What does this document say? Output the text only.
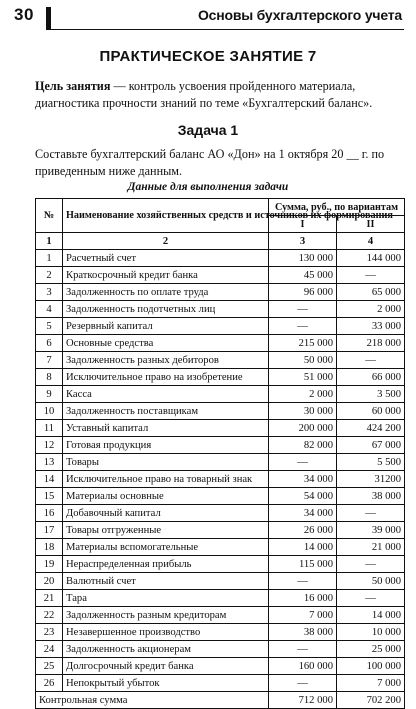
30	Основы бухгалтерского учета
ПРАКТИЧЕСКОЕ ЗАНЯТИЕ 7
Цель занятия — контроль усвоения пройденного материала, диагностика прочности знаний по теме «Бухгалтерский баланс».
Задача 1
Составьте бухгалтерский баланс АО «Дон» на 1 октября 20 __ г. по приведенным ниже данным.
Данные для выполнения задачи
№	Наименование хозяйственных средств и источников их формирования	Сумма, руб., по вариантам	
		I	II
1	2	3	4
1	Расчетный счет	130 000	144 000
2	Краткосрочный кредит банка	45 000	—
3	Задолженность по оплате труда	96 000	65 000
4	Задолженность подотчетных лиц	—	2 000
5	Резервный капитал	—	33 000
6	Основные средства	215 000	218 000
7	Задолженность разных дебиторов	50 000	—
8	Исключительное право на изобретение	51 000	66 000
9	Касса	2 000	3 500
10	Задолженность поставщикам	30 000	60 000
11	Уставный капитал	200 000	424 200
12	Готовая продукция	82 000	67 000
13	Товары	—	5 500
14	Исключительное право на товарный знак	34 000	31200
15	Материалы основные	54 000	38 000
16	Добавочный капитал	34 000	—
17	Товары отгруженные	26 000	39 000
18	Материалы вспомогательные	14 000	21 000
19	Нераспределенная прибыль	115 000	—
20	Валютный счет	—	50 000
21	Тара	16 000	—
22	Задолженность разным кредиторам	7 000	14 000
23	Незавершенное производство	38 000	10 000
24	Задолженность акционерам	—	25 000
25	Долгосрочный кредит банка	160 000	100 000
26	Непокрытый убыток	—	7 000
Контрольная сумма		712 000	702 200
